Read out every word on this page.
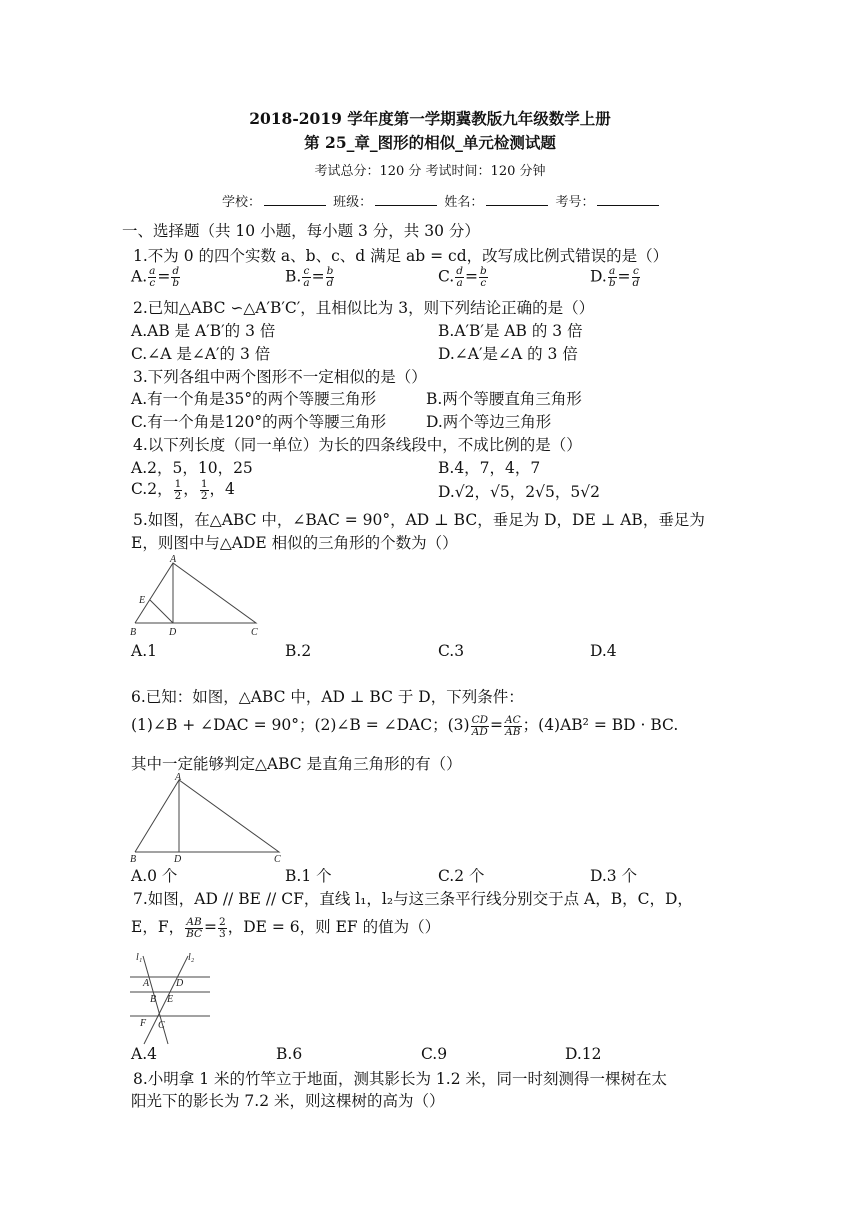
2018-2019 学年度第一学期冀教版九年级数学上册
第 25_章_图形的相似_单元检测试题
考试总分：120 分 考试时间：120 分钟
学校：	班级：	姓名：	考号：
一、选择题（共 10 小题，每小题 3 分，共 30 分）
1.不为 0 的四个实数 a、b、c、d 满足 ab = cd，改写成比例式错误的是（）
A. $\frac{a}{c} = \frac{d}{b}$	B. $\frac{c}{a} = \frac{b}{d}$	C. $\frac{d}{a} = \frac{b}{c}$	D. $\frac{a}{b} = \frac{c}{d}$
2.已知△ABC ∽△A′B′C′，且相似比为 3，则下列结论正确的是（）
A.AB 是 A′B′的 3 倍	B.A′B′是 AB 的 3 倍
C.∠A 是∠A′的 3 倍	D.∠A′是∠A 的 3 倍
3.下列各组中两个图形不一定相似的是（）
A.有一个角是35°的两个等腰三角形	B.两个等腰直角三角形
C.有一个角是120°的两个等腰三角形	D.两个等边三角形
4.以下列长度（同一单位）为长的四条线段中，不成比例的是（）
A.2，5，10，25	B.4，7，4，7
C.2， $\frac{1}{2}$ ， $\frac{1}{2}$ ，4	D.√2，√5，2√5，5√2
5.如图，在△ABC 中，∠BAC = 90°，AD ⊥ BC，垂足为 D，DE ⊥ AB，垂足为
E，则图中与△ADE 相似的三角形的个数为（）
A
E
B	D	C
A.1	B.2	C.3	D.4
6.已知：如图，△ABC 中，AD ⊥ BC 于 D，下列条件：
(1)∠B + ∠DAC = 90°；(2)∠B = ∠DAC；$(3) \frac{CD}{AD} = \frac{AC}{AB}$ ；(4)AB² = BD · BC.
其中一定能够判定△ABC 是直角三角形的有（）
A
B	D	C
A.0 个	B.1 个	C.2 个	D.3 个
7.如图，AD // BE // CF，直线 l₁，l₂与这三条平行线分别交于点 A，B，C，D，
E，F， $\frac{AB}{BC} = \frac{2}{3}$ ，DE = 6，则 EF 的值为（）
l₁	l₂
A	D
B E
F C
A.4	B.6	C.9	D.12
8.小明拿 1 米的竹竿立于地面，测其影长为 1.2 米，同一时刻测得一棵树在太
阳光下的影长为 7.2 米，则这棵树的高为（）
